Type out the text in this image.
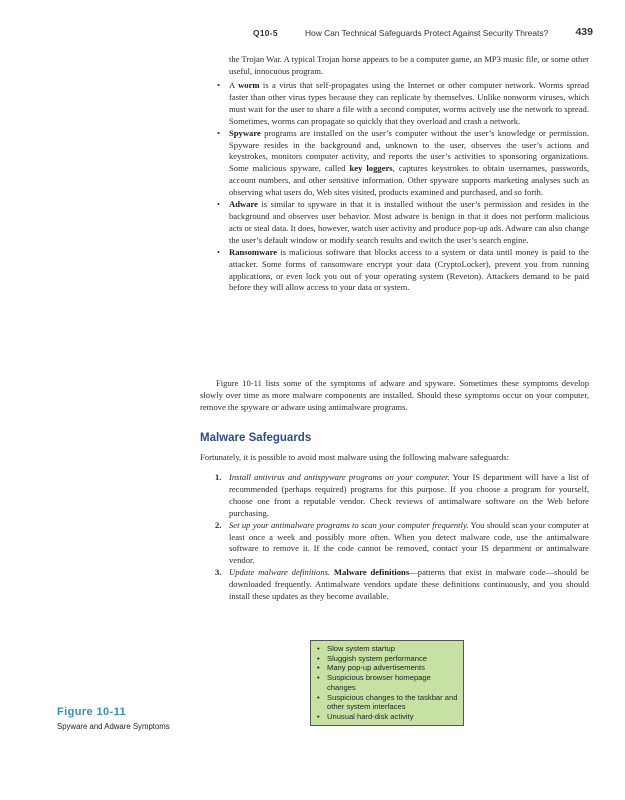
Q10-5	How Can Technical Safeguards Protect Against Security Threats?	439
the Trojan War. A typical Trojan horse appears to be a computer game, an MP3 music file, or some other useful, innocuous program.
• A worm is a virus that self-propagates using the Internet or other computer network. Worms spread faster than other virus types because they can replicate by themselves. Unlike nonworm viruses, which must wait for the user to share a file with a second computer, worms actively use the network to spread. Sometimes, worms can propagate so quickly that they overload and crash a network.
• Spyware programs are installed on the user’s computer without the user’s knowledge or permission. Spyware resides in the background and, unknown to the user, observes the user’s actions and keystrokes, monitors computer activity, and reports the user’s activities to sponsoring organizations. Some malicious spyware, called key loggers, captures keystrokes to obtain usernames, passwords, account numbers, and other sensitive information. Other spyware supports marketing analyses such as observing what users do, Web sites visited, products examined and purchased, and so forth.
• Adware is similar to spyware in that it is installed without the user’s permission and resides in the background and observes user behavior. Most adware is benign in that it does not perform malicious acts or steal data. It does, however, watch user activity and produce pop-up ads. Adware can also change the user’s default window or modify search results and switch the user’s search engine.
• Ransomware is malicious software that blocks access to a system or data until money is paid to the attacker. Some forms of ransomware encrypt your data (CryptoLocker), prevent you from running applications, or even lock you out of your operating system (Reveton). Attackers demand to be paid before they will allow access to your data or system.
Figure 10-11 lists some of the symptoms of adware and spyware. Sometimes these symptoms develop slowly over time as more malware components are installed. Should these symptoms occur on your computer, remove the spyware or adware using antimalware programs.
Malware Safeguards
Fortunately, it is possible to avoid most malware using the following malware safeguards:
1. Install antivirus and antispyware programs on your computer. Your IS department will have a list of recommended (perhaps required) programs for this purpose. If you choose a program for yourself, choose one from a reputable vendor. Check reviews of antimalware software on the Web before purchasing.
2. Set up your antimalware programs to scan your computer frequently. You should scan your computer at least once a week and possibly more often. When you detect malware code, use the antimalware software to remove it. If the code cannot be removed, contact your IS department or antimalware vendor.
3. Update malware definitions. Malware definitions—patterns that exist in malware code—should be downloaded frequently. Antimalware vendors update these definitions continuously, and you should install these updates as they become available.
• Slow system startup
• Sluggish system performance
• Many pop-up advertisements
• Suspicious browser homepage changes
• Suspicious changes to the taskbar and other system interfaces
• Unusual hard-disk activity
Figure 10-11
Spyware and Adware Symptoms
